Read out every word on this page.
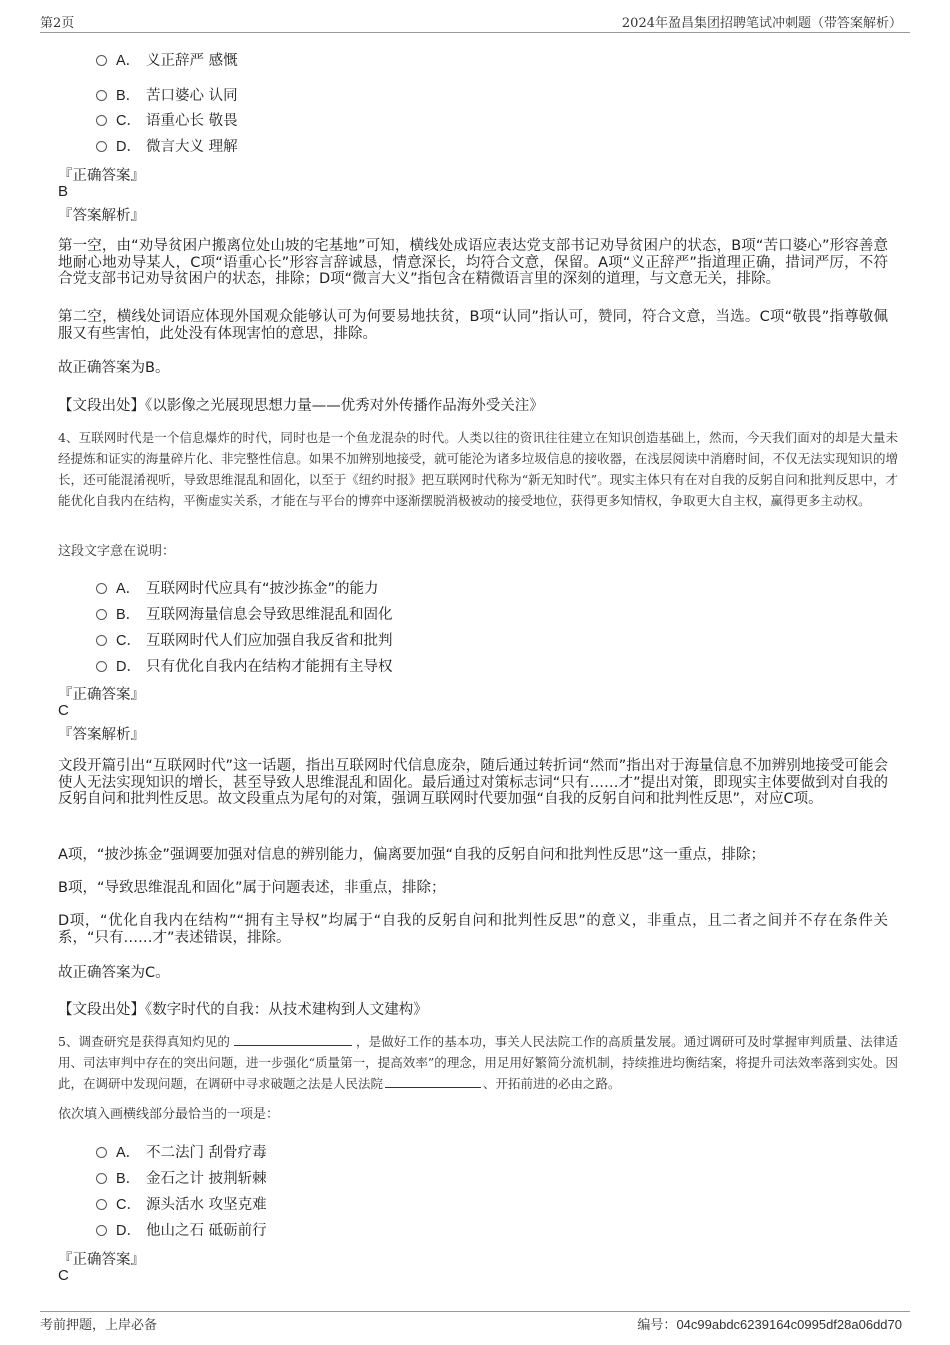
第2页	2024年盈昌集团招聘笔试冲刺题（带答案解析）
A． 义正辞严 感慨
B． 苦口婆心 认同
C． 语重心长 敬畏
D． 微言大义 理解
『正确答案』
B
『答案解析』

第一空，由“劝导贫困户搬离位处山坡的宅基地”可知，横线处成语应表达党支部书记劝导贫困户的状态，B项“苦口婆心”形容善意地耐心地劝导某人，C项“语重心长”形容言辞诚恳，情意深长，均符合文意，保留。A项“义正辞严”指道理正确，措词严厉，不符合党支部书记劝导贫困户的状态，排除；D项“微言大义”指包含在精微语言里的深刻的道理，与文意无关，排除。

第二空，横线处词语应体现外国观众能够认可为何要易地扶贫，B项“认同”指认可，赞同，符合文意，当选。C项“敬畏”指尊敬佩服又有些害怕，此处没有体现害怕的意思，排除。

故正确答案为B。

【文段出处】《以影像之光展现思想力量——优秀对外传播作品海外受关注》

4、互联网时代是一个信息爆炸的时代，同时也是一个鱼龙混杂的时代。人类以往的资讯往往建立在知识创造基础上，然而，今天我们面对的却是大量未经提炼和证实的海量碎片化、非完整性信息。如果不加辨别地接受，就可能沦为诸多垃圾信息的接收器，在浅层阅读中消磨时间，不仅无法实现知识的增长，还可能混淆视听，导致思维混乱和固化，以至于《纽约时报》把互联网时代称为“新无知时代”。现实主体只有在对自我的反躬自问和批判反思中，才能优化自我内在结构，平衡虚实关系，才能在与平台的博弈中逐渐摆脱消极被动的接受地位，获得更多知情权，争取更大自主权，赢得更多主动权。

这段文字意在说明：
A． 互联网时代应具有“披沙拣金”的能力
B． 互联网海量信息会导致思维混乱和固化
C． 互联网时代人们应加强自我反省和批判
D． 只有优化自我内在结构才能拥有主导权
『正确答案』
C
『答案解析』

文段开篇引出“互联网时代”这一话题，指出互联网时代信息庞杂，随后通过转折词“然而”指出对于海量信息不加辨别地接受可能会使人无法实现知识的增长，甚至导致人思维混乱和固化。最后通过对策标志词“只有……才”提出对策，即现实主体要做到对自我的反躬自问和批判性反思。故文段重点为尾句的对策，强调互联网时代要加强“自我的反躬自问和批判性反思”，对应C项。

A项，“披沙拣金”强调要加强对信息的辨别能力，偏离要加强“自我的反躬自问和批判性反思”这一重点，排除；

B项，“导致思维混乱和固化”属于问题表述，非重点，排除；

D项，“优化自我内在结构”“拥有主导权”均属于“自我的反躬自问和批判性反思”的意义，非重点，且二者之间并不存在条件关系，“只有……才”表述错误，排除。

故正确答案为C。

【文段出处】《数字时代的自我：从技术建构到人文建构》

5、调查研究是获得真知灼见的	，是做好工作的基本功，事关人民法院工作的高质量发展。通过调研可及时掌握审判质量、法律适用、司法审判中存在的突出问题，进一步强化“质量第一，提高效率”的理念，用足用好繁简分流机制，持续推进均衡结案，将提升司法效率落到实处。因此，在调研中发现问题，在调研中寻求破题之法是人民法院	、开拓前进的必由之路。

依次填入画横线部分最恰当的一项是：
A． 不二法门 刮骨疗毒
B． 金石之计 披荆斩棘
C． 源头活水 攻坚克难
D． 他山之石 砥砺前行
『正确答案』
C
考前押题，上岸必备	编号：04c99abdc6239164c0995df28a06dd70
